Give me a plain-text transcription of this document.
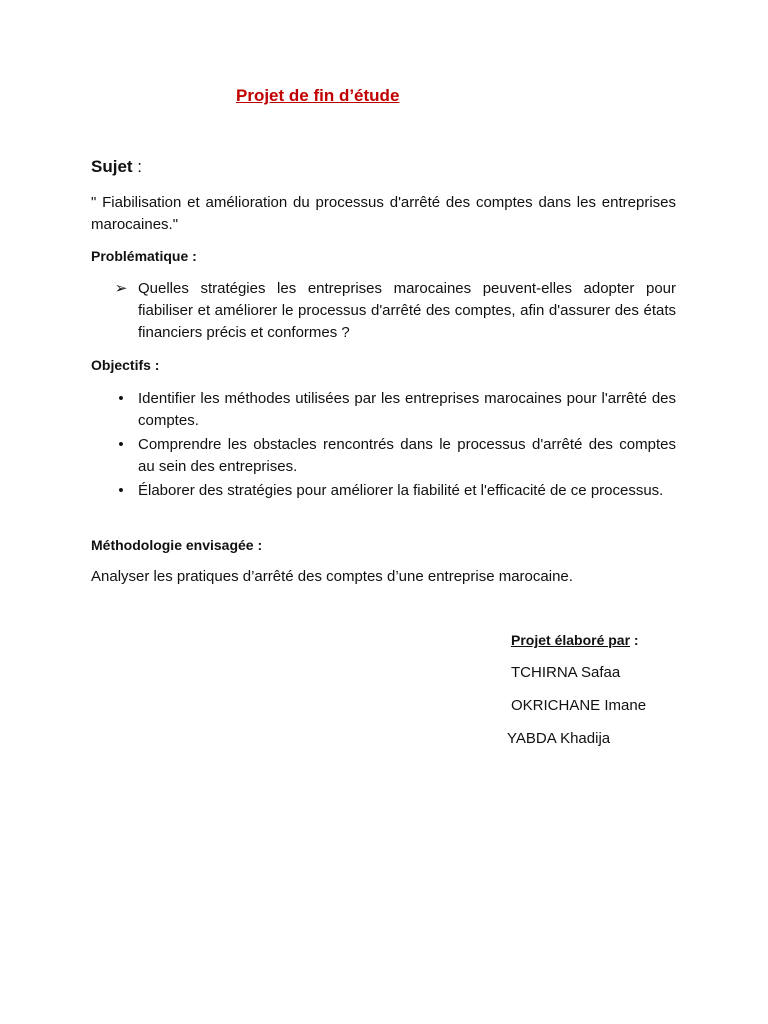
Projet de fin d’étude

Sujet :

" Fiabilisation et amélioration du processus d'arrêté des comptes dans les entreprises marocaines."

Problématique :
➢ Quelles stratégies les entreprises marocaines peuvent-elles adopter pour fiabiliser et améliorer le processus d'arrêté des comptes, afin d'assurer des états financiers précis et conformes ?
Objectifs :
• Identifier les méthodes utilisées par les entreprises marocaines pour l'arrêté des comptes.
• Comprendre les obstacles rencontrés dans le processus d'arrêté des comptes au sein des entreprises.
• Élaborer des stratégies pour améliorer la fiabilité et l'efficacité de ce processus.
Méthodologie envisagée :

Analyser les pratiques d’arrêté des comptes d’une entreprise marocaine.

Projet élaboré par :

TCHIRNA Safaa

OKRICHANE Imane

YABDA Khadija
